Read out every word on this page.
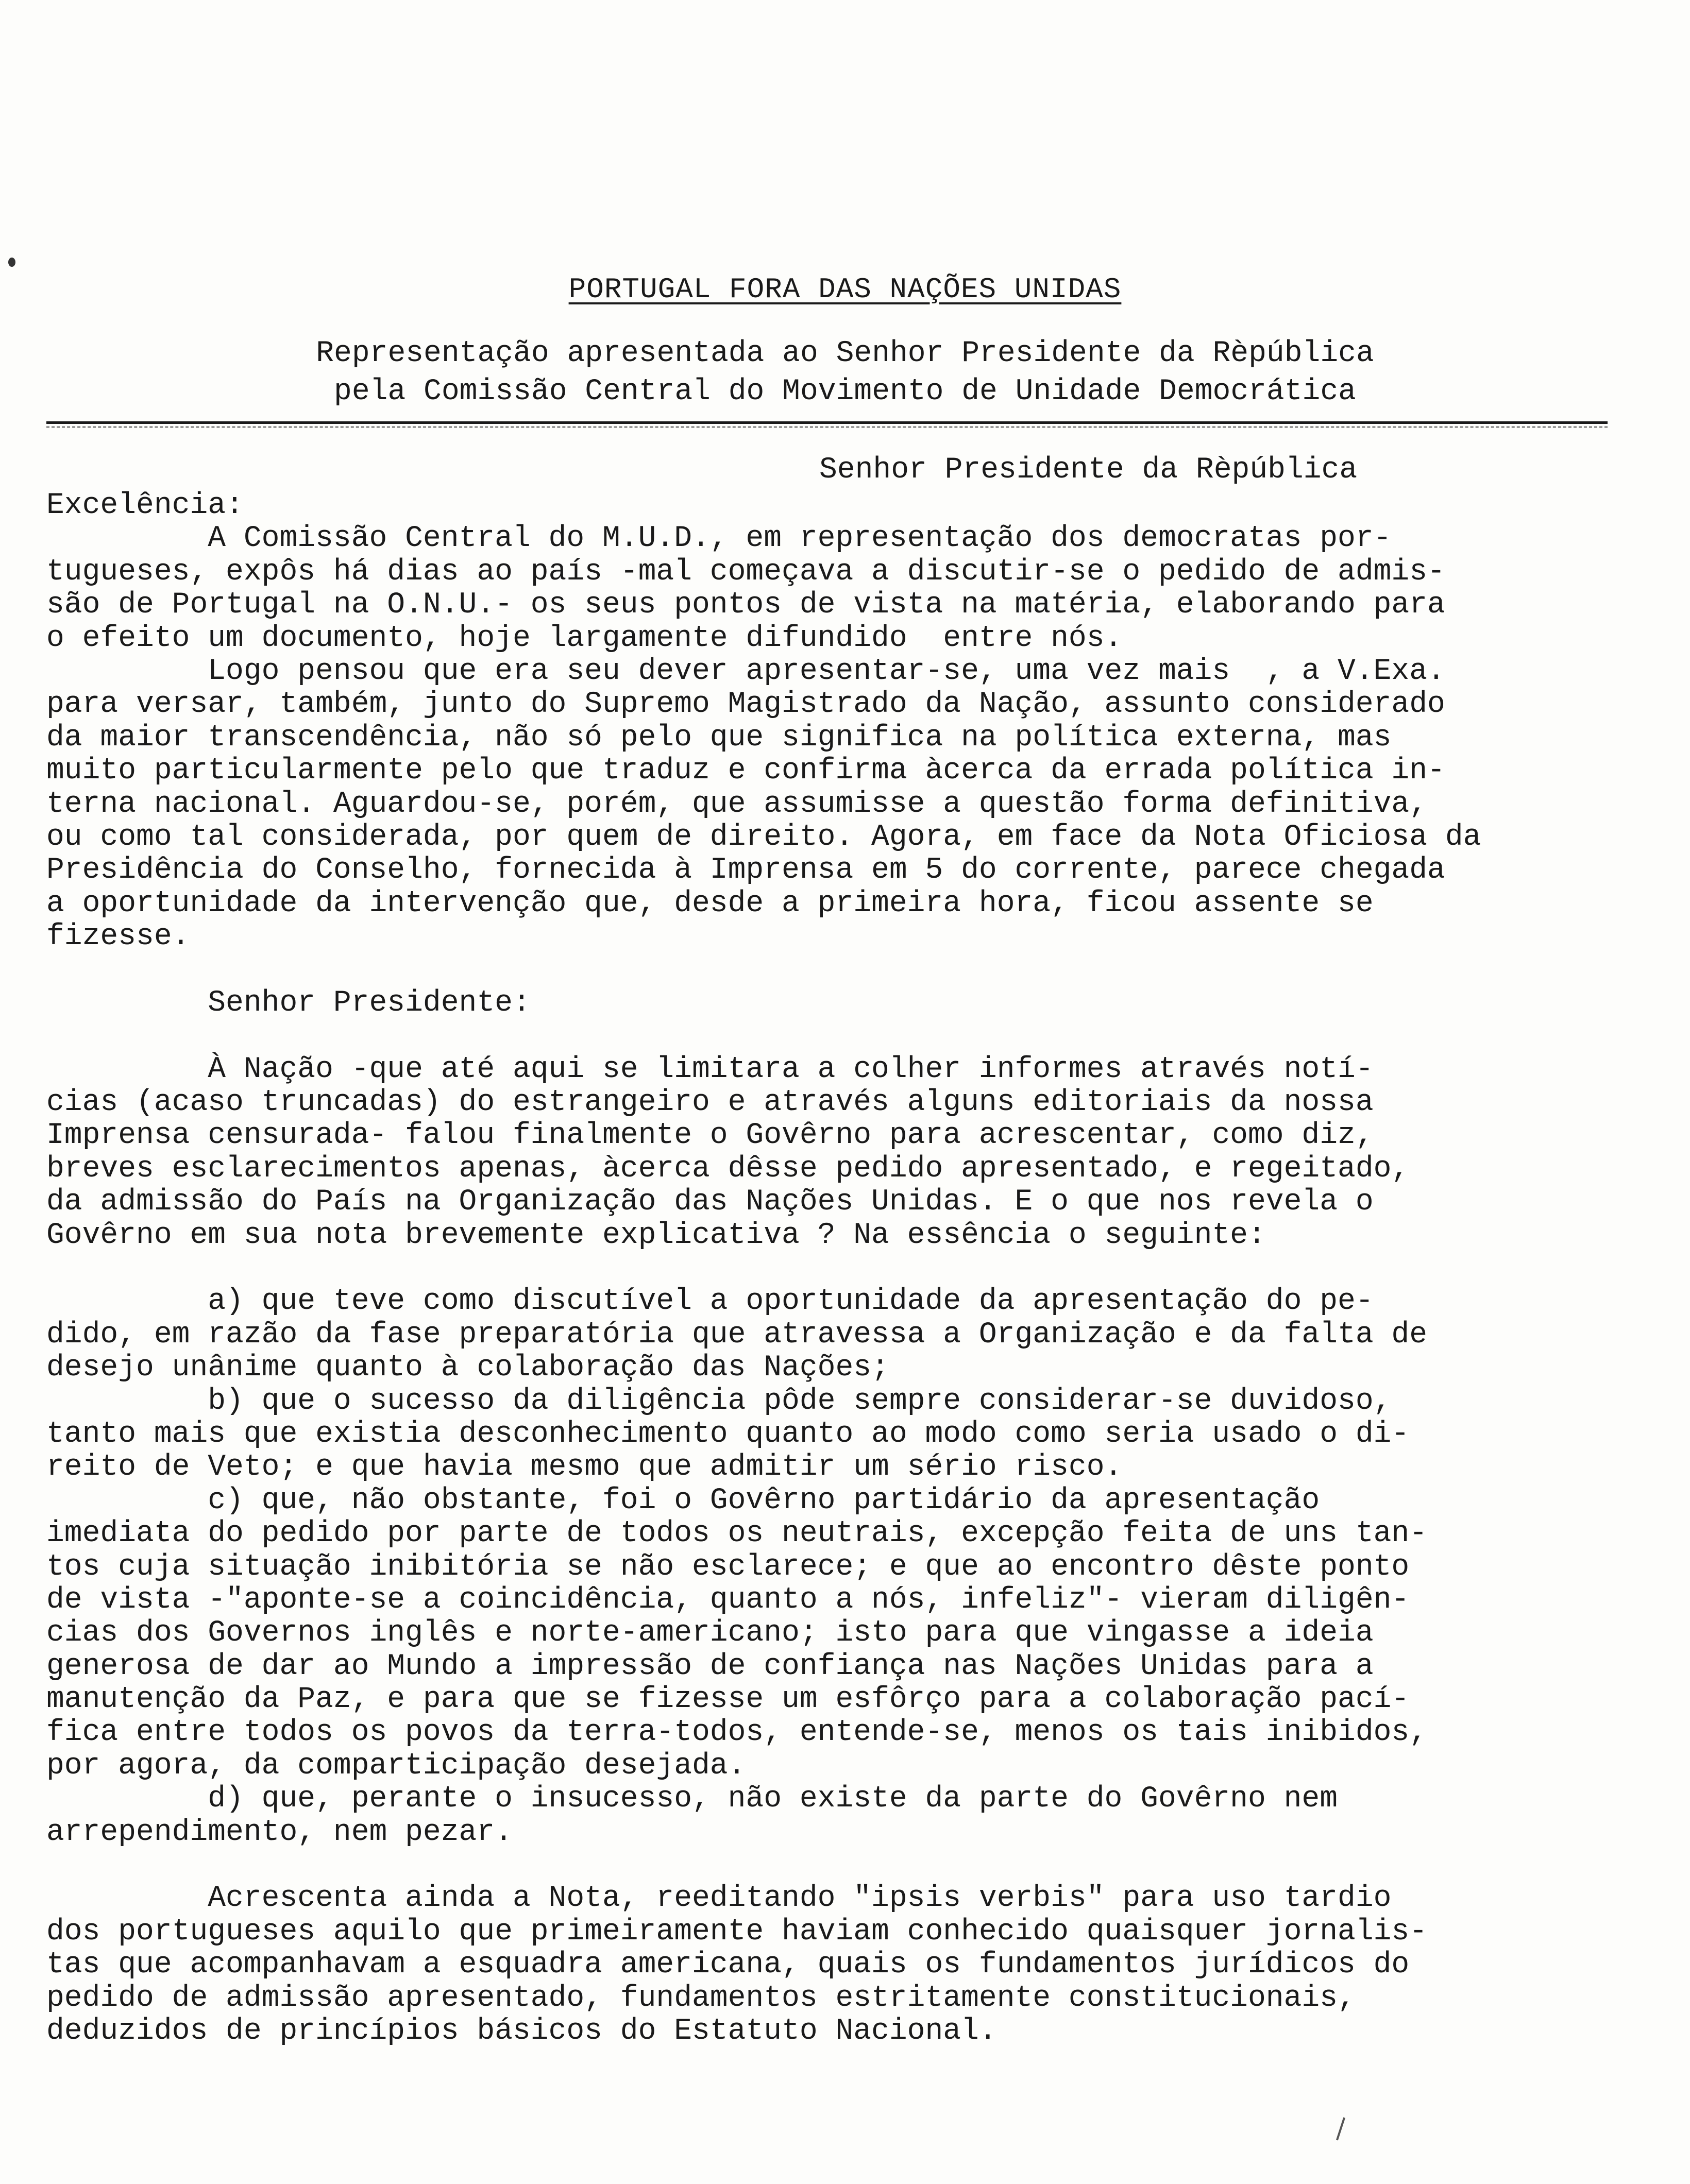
PORTUGAL FORA DAS NAÇÕES UNIDAS
Representação apresentada ao Senhor Presidente da Rèpública
pela Comissão Central do Movimento de Unidade Democrática
Senhor Presidente da Rèpública
Excelência:
A Comissão Central do M.U.D., em representação dos democratas por-
tugueses, expôs há dias ao país -mal começava a discutir-se o pedido de admis-
são de Portugal na O.N.U.- os seus pontos de vista na matéria, elaborando para
o efeito um documento, hoje largamente difundido  entre nós.
Logo pensou que era seu dever apresentar-se, uma vez mais  , a V.Exa.
para versar, também, junto do Supremo Magistrado da Nação, assunto considerado
da maior transcendência, não só pelo que significa na política externa, mas
muito particularmente pelo que traduz e confirma àcerca da errada política in-
terna nacional. Aguardou-se, porém, que assumisse a questão forma definitiva,
ou como tal considerada, por quem de direito. Agora, em face da Nota Oficiosa da
Presidência do Conselho, fornecida à Imprensa em 5 do corrente, parece chegada
a oportunidade da intervenção que, desde a primeira hora, ficou assente se
fizesse.
Senhor Presidente:
À Nação -que até aqui se limitara a colher informes através notí-
cias (acaso truncadas) do estrangeiro e através alguns editoriais da nossa
Imprensa censurada- falou finalmente o Govêrno para acrescentar, como diz,
breves esclarecimentos apenas, àcerca dêsse pedido apresentado, e regeitado,
da admissão do País na Organização das Nações Unidas. E o que nos revela o
Govêrno em sua nota brevemente explicativa ? Na essência o seguinte:
a) que teve como discutível a oportunidade da apresentação do pe-
dido, em razão da fase preparatória que atravessa a Organização e da falta de
desejo unânime quanto à colaboração das Nações;
b) que o sucesso da diligência pôde sempre considerar-se duvidoso,
tanto mais que existia desconhecimento quanto ao modo como seria usado o di-
reito de Veto; e que havia mesmo que admitir um sério risco.
c) que, não obstante, foi o Govêrno partidário da apresentação
imediata do pedido por parte de todos os neutrais, excepção feita de uns tan-
tos cuja situação inibitória se não esclarece; e que ao encontro dêste ponto
de vista -"aponte-se a coincidência, quanto a nós, infeliz"- vieram diligên-
cias dos Governos inglês e norte-americano; isto para que vingasse a ideia
generosa de dar ao Mundo a impressão de confiança nas Nações Unidas para a
manutenção da Paz, e para que se fizesse um esfôrço para a colaboração pací-
fica entre todos os povos da terra-todos, entende-se, menos os tais inibidos,
por agora, da comparticipação desejada.
d) que, perante o insucesso, não existe da parte do Govêrno nem
arrependimento, nem pezar.
Acrescenta ainda a Nota, reeditando "ipsis verbis" para uso tardio
dos portugueses aquilo que primeiramente haviam conhecido quaisquer jornalis-
tas que acompanhavam a esquadra americana, quais os fundamentos jurídicos do
pedido de admissão apresentado, fundamentos estritamente constitucionais,
deduzidos de princípios básicos do Estatuto Nacional.
